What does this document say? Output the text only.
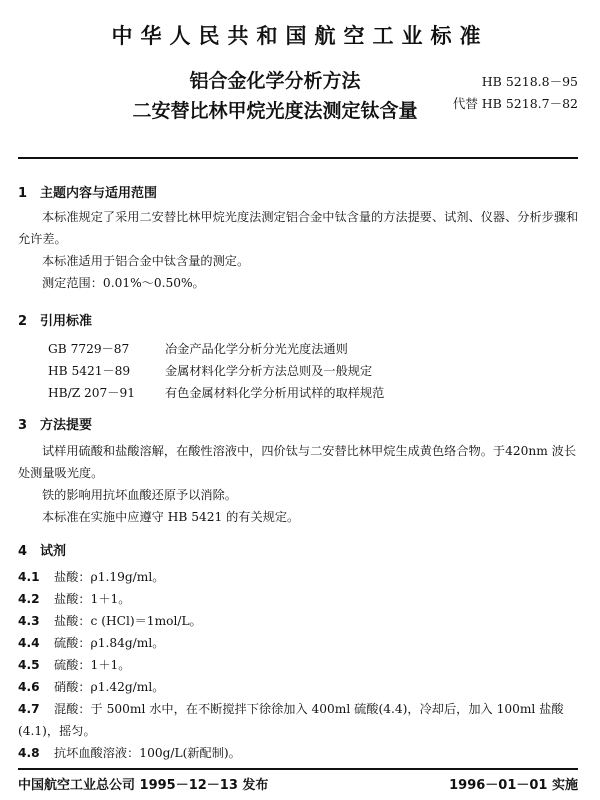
中华人民共和国航空工业标准
铝合金化学分析方法
二安替比林甲烷光度法测定钛含量
HB 5218.8－95
代替 HB 5218.7－82
1　主题内容与适用范围
本标准规定了采用二安替比林甲烷光度法测定铝合金中钛含量的方法提要、试剂、仪器、分析步骤和允许差。
本标准适用于铝合金中钛含量的测定。
测定范围：0.01%～0.50%。
2　引用标准
GB 7729－87	冶金产品化学分析分光光度法通则
HB 5421－89	金属材料化学分析方法总则及一般规定
HB/Z 207－91 有色金属材料化学分析用试样的取样规范
3　方法提要
试样用硫酸和盐酸溶解，在酸性溶液中，四价钛与二安替比林甲烷生成黄色络合物。于420nm 波长处测量吸光度。
铁的影响用抗坏血酸还原予以消除。
本标准在实施中应遵守 HB 5421 的有关规定。
4　试剂
4.1 盐酸：ρ1.19g/ml。
4.2 盐酸：1＋1。
4.3 盐酸：c (HCl)＝1mol/L。
4.4 硫酸：ρ1.84g/ml。
4.5 硫酸：1＋1。
4.6 硝酸：ρ1.42g/ml。
4.7 混酸：于 500ml 水中，在不断搅拌下徐徐加入 400ml 硫酸(4.4)，冷却后，加入 100ml 盐酸(4.1)，摇匀。
4.8 抗坏血酸溶液：100g/L(新配制)。
中国航空工业总公司 1995－12－13 发布	1996－01－01 实施
